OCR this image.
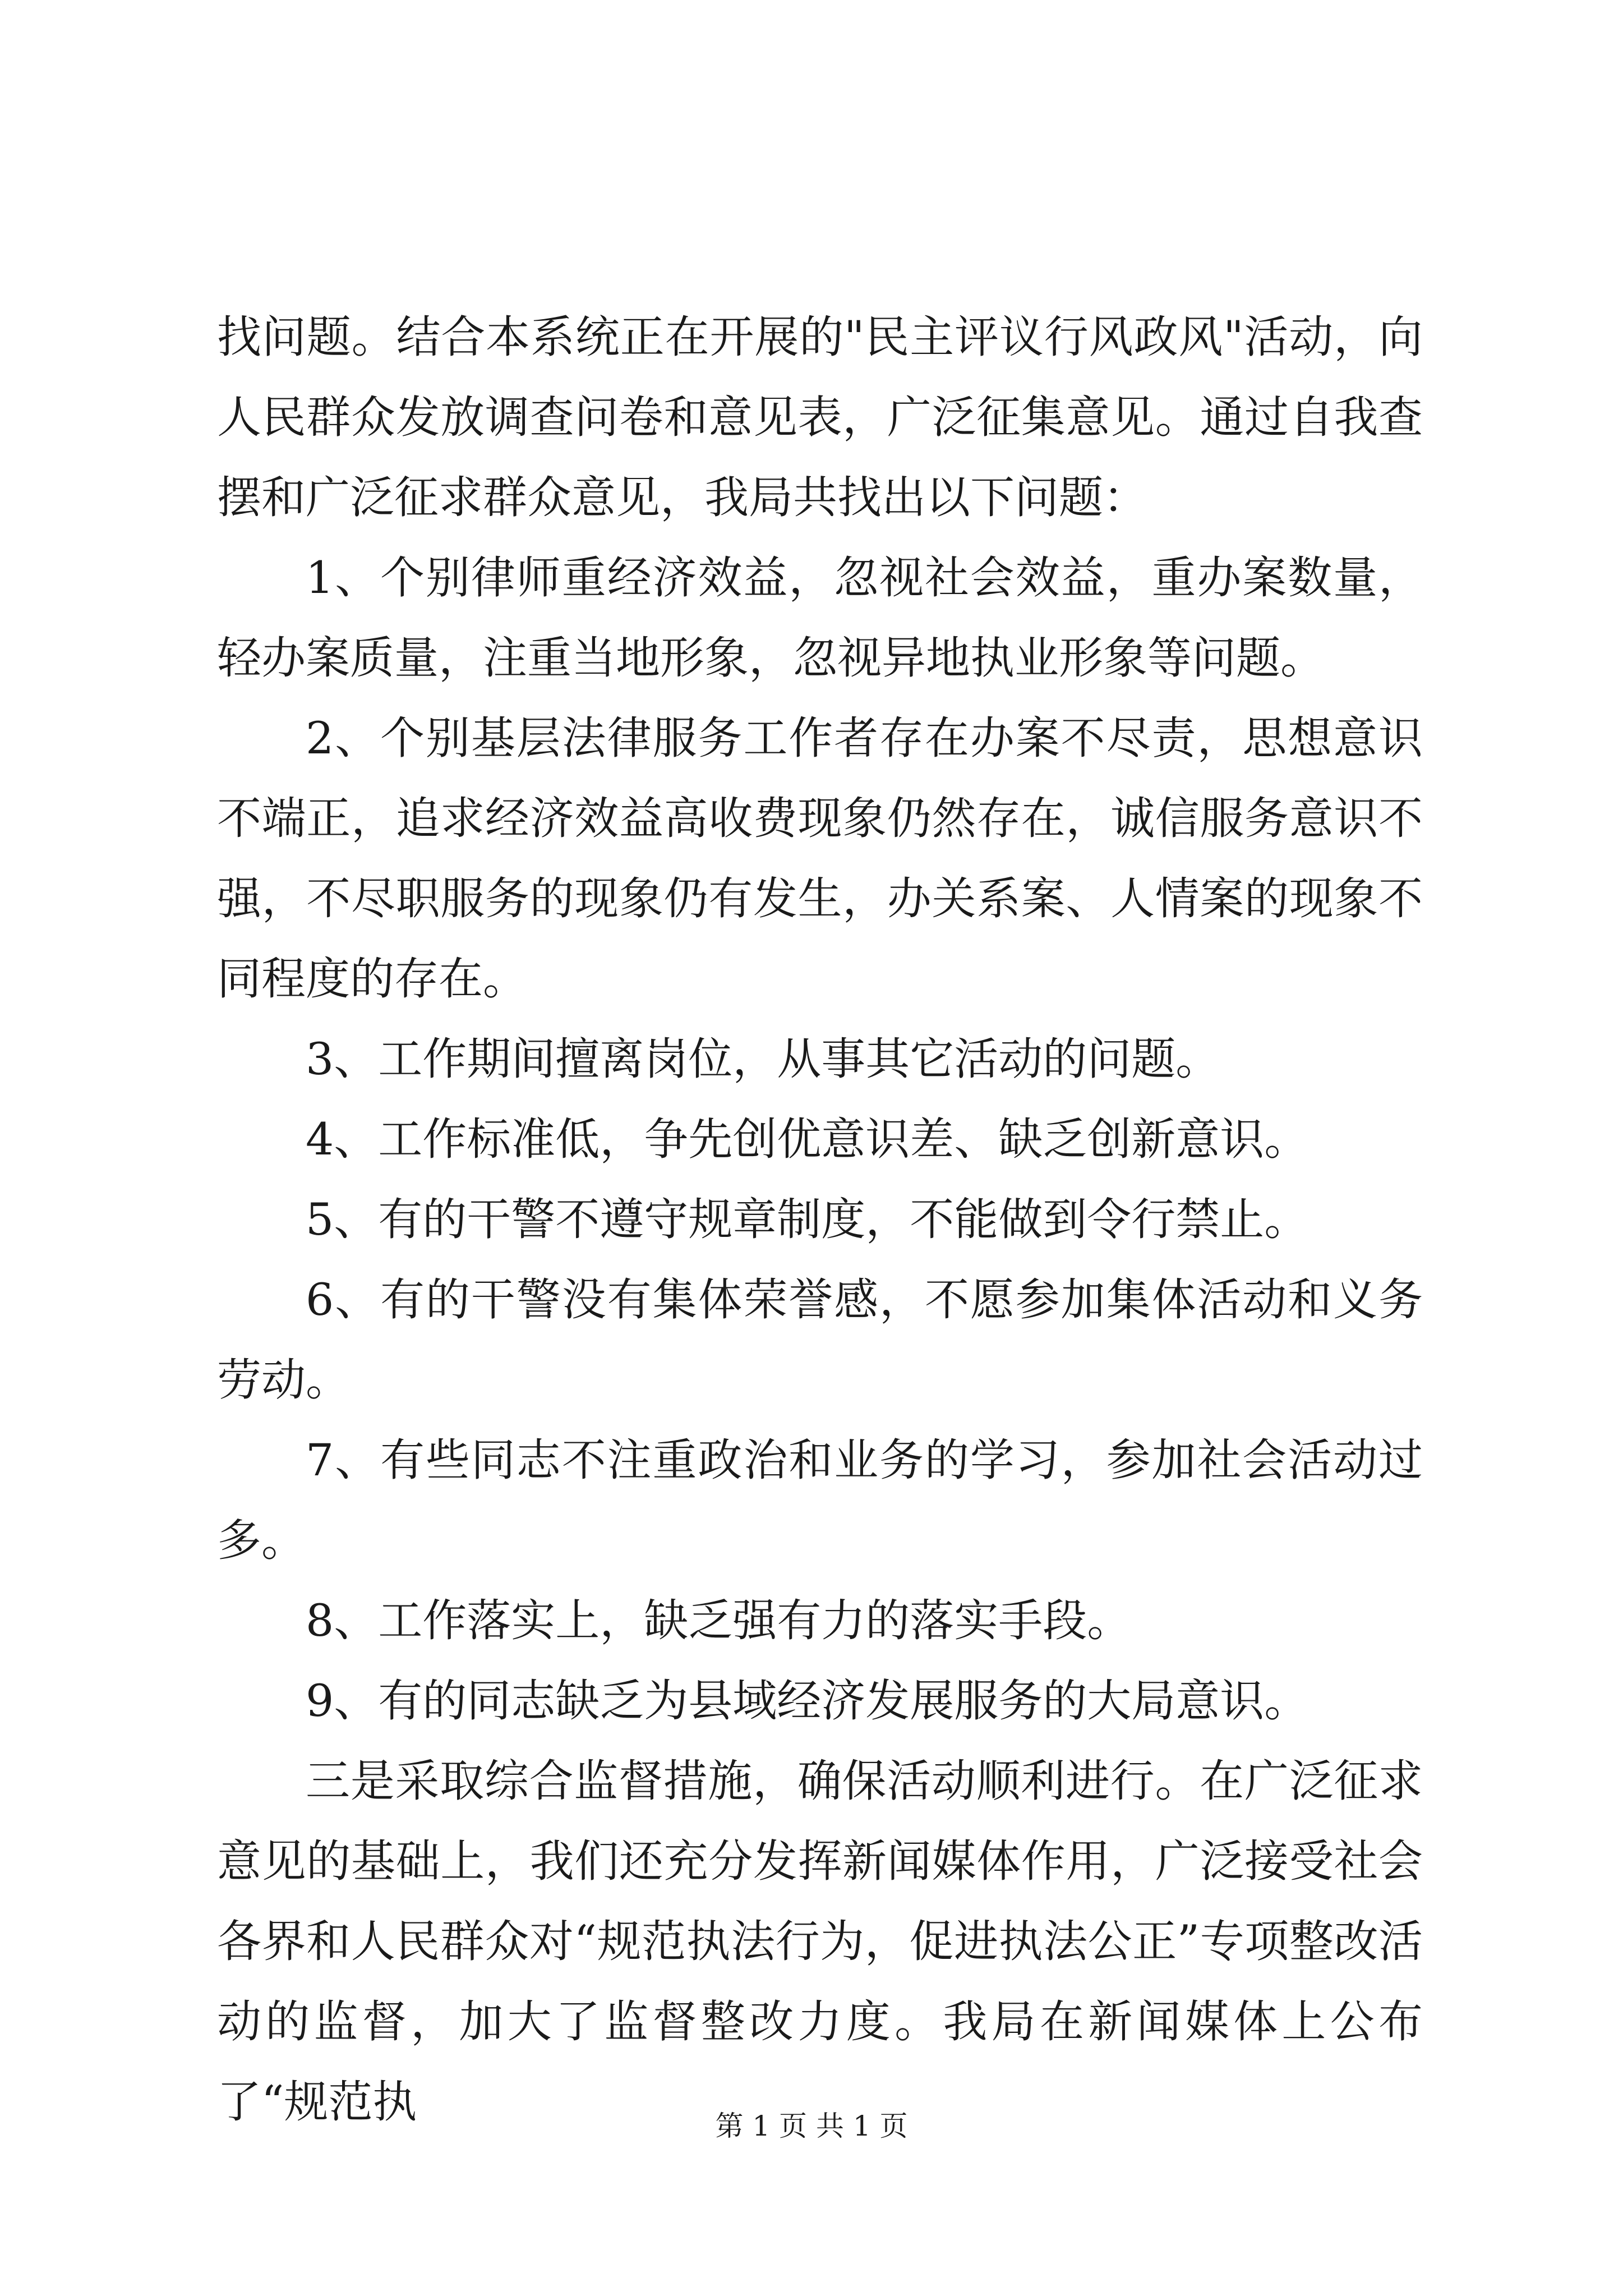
找问题。结合本系统正在开展的"民主评议行风政风"活动，向人民群众发放调查问卷和意见表，广泛征集意见。通过自我查摆和广泛征求群众意见，我局共找出以下问题：

1、个别律师重经济效益，忽视社会效益，重办案数量，轻办案质量，注重当地形象，忽视异地执业形象等问题。

2、个别基层法律服务工作者存在办案不尽责，思想意识不端正，追求经济效益高收费现象仍然存在，诚信服务意识不强，不尽职服务的现象仍有发生，办关系案、人情案的现象不同程度的存在。

3、工作期间擅离岗位，从事其它活动的问题。

4、工作标准低，争先创优意识差、缺乏创新意识。

5、有的干警不遵守规章制度，不能做到令行禁止。

6、有的干警没有集体荣誉感，不愿参加集体活动和义务劳动。

7、有些同志不注重政治和业务的学习，参加社会活动过多。

8、工作落实上，缺乏强有力的落实手段。

9、有的同志缺乏为县域经济发展服务的大局意识。

三是采取综合监督措施，确保活动顺利进行。在广泛征求意见的基础上，我们还充分发挥新闻媒体作用，广泛接受社会各界和人民群众对“规范执法行为，促进执法公正”专项整改活动的监督，加大了监督整改力度。我局在新闻媒体上公布了“规范执	第 1 页 共 1 页
